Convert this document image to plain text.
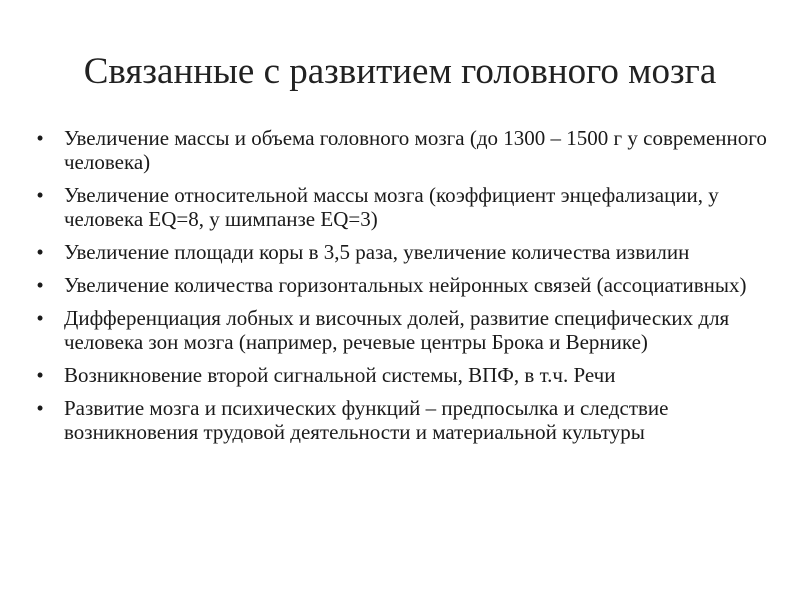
Связанные с развитием головного мозга
• Увеличение массы и объема головного мозга (до 1300 – 1500 г у современного человека)
• Увеличение относительной массы мозга (коэффициент энцефализации, у человека EQ=8, у шимпанзе EQ=3)
• Увеличение площади коры в 3,5 раза, увеличение количества извилин
• Увеличение количества горизонтальных нейронных связей (ассоциативных)
• Дифференциация лобных и височных долей, развитие специфических для человека зон мозга (например, речевые центры Брока и Вернике)
• Возникновение второй сигнальной системы, ВПФ, в т.ч. Речи
• Развитие мозга и психических функций – предпосылка и следствие возникновения трудовой деятельности и материальной культуры
